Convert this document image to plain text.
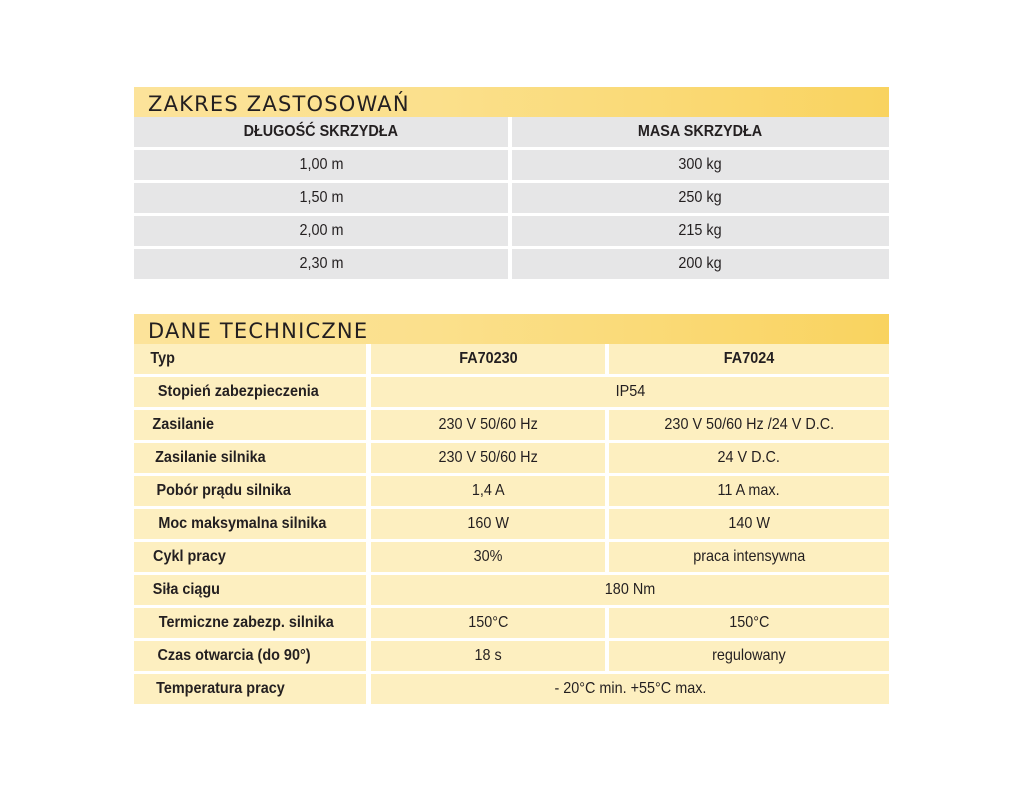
ZAKRES ZASTOSOWAŃ
DŁUGOŚĆ SKRZYDŁA	MASA SKRZYDŁA
1,00 m	300 kg
1,50 m	250 kg
2,00 m	215 kg
2,30 m	200 kg
DANE TECHNICZNE
Typ	FA70230	FA7024
Stopień zabezpieczenia	IP54	
Zasilanie	230 V 50/60 Hz	230 V 50/60 Hz /24 V D.C.
Zasilanie silnika	230 V 50/60 Hz	24 V D.C.
Pobór prądu silnika	1,4 A	11 A max.
Moc maksymalna silnika	160 W	140 W
Cykl pracy	30%	praca intensywna
Siła ciągu	180 Nm	
Termiczne zabezp. silnika	150°C	150°C
Czas otwarcia (do 90°)	18 s	regulowany
Temperatura pracy	- 20°C min. +55°C max.	
